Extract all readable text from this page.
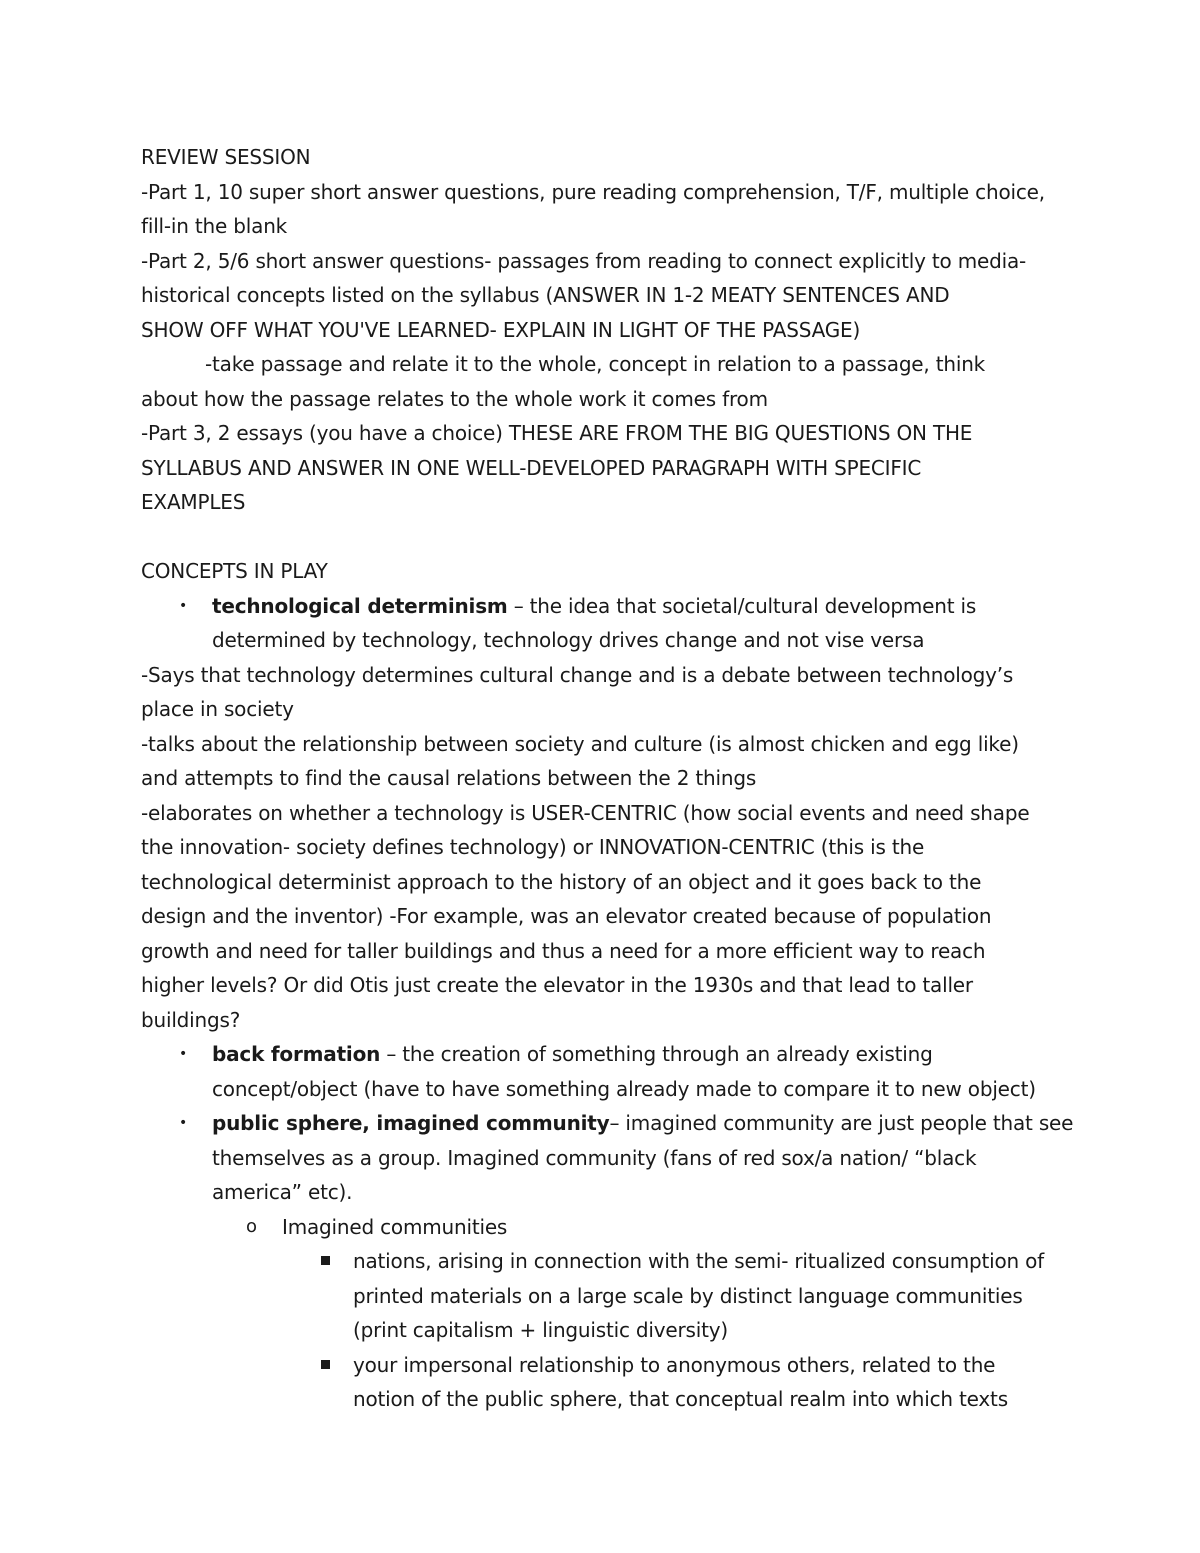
REVIEW SESSION
-Part 1, 10 super short answer questions, pure reading comprehension, T/F, multiple choice,
fill-in the blank
-Part 2, 5/6 short answer questions- passages from reading to connect explicitly to media-
historical concepts listed on the syllabus (ANSWER IN 1-2 MEATY SENTENCES AND
SHOW OFF WHAT YOU'VE LEARNED- EXPLAIN IN LIGHT OF THE PASSAGE)
-take passage and relate it to the whole, concept in relation to a passage, think
about how the passage relates to the whole work it comes from
-Part 3, 2 essays (you have a choice) THESE ARE FROM THE BIG QUESTIONS ON THE
SYLLABUS AND ANSWER IN ONE WELL-DEVELOPED PARAGRAPH WITH SPECIFIC
EXAMPLES
CONCEPTS IN PLAY
• technological determinism – the idea that societal/cultural development is
determined by technology, technology drives change and not vise versa
-Says that technology determines cultural change and is a debate between technology’s
place in society
-talks about the relationship between society and culture (is almost chicken and egg like)
and attempts to find the causal relations between the 2 things
-elaborates on whether a technology is USER-CENTRIC (how social events and need shape
the innovation- society defines technology) or INNOVATION-CENTRIC (this is the
technological determinist approach to the history of an object and it goes back to the
design and the inventor) -For example, was an elevator created because of population
growth and need for taller buildings and thus a need for a more efficient way to reach
higher levels? Or did Otis just create the elevator in the 1930s and that lead to taller
buildings?
• back formation – the creation of something through an already existing
concept/object (have to have something already made to compare it to new object)
• public sphere, imagined community– imagined community are just people that see
themselves as a group. Imagined community (fans of red sox/a nation/ “black
america” etc).
o Imagined communities
nations, arising in connection with the semi- ritualized consumption of
printed materials on a large scale by distinct language communities
(print capitalism + linguistic diversity)
your impersonal relationship to anonymous others, related to the
notion of the public sphere, that conceptual realm into which texts
